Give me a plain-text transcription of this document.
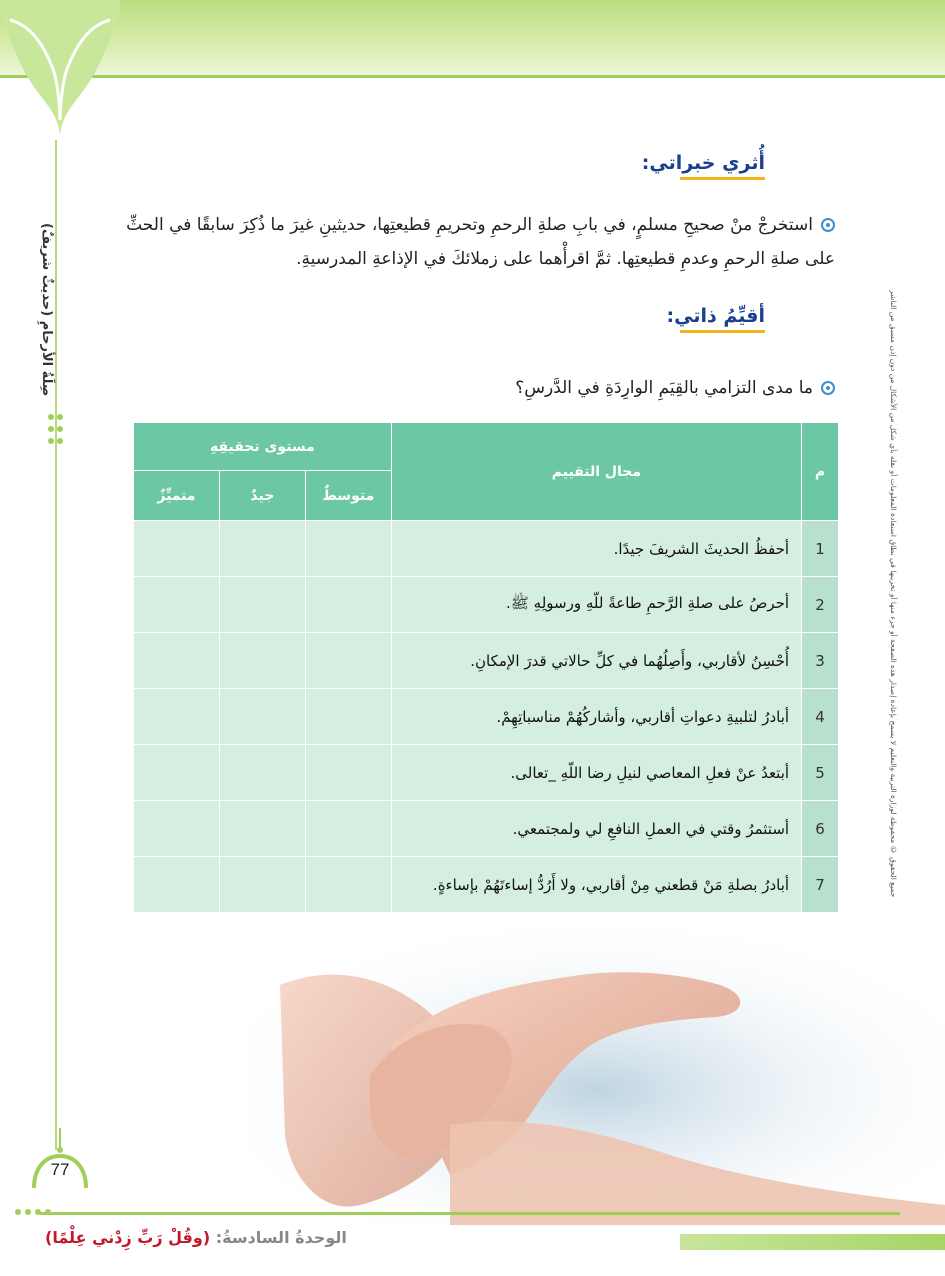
صِلَةُ الأرحامِ (حديثٌ شريفٌ)	جميع الحقوق © محفوظة لوزارة التربية والتعليم لا يسمح بإعادة إصدار هذه الصفحة أو جزء منها أو تخزينها في نطاق استعادة المعلومات أو نقله بأي شكل من الأشكال من دون إذن مسبق من الناشر
أُثري خبراتي:
استخرجْ منْ صحيحِ مسلمٍ، في بابِ صلةِ الرحمِ وتحريمِ قطيعتِها، حديثينِ غيرَ ما ذُكِرَ سابقًا في الحثِّ على صلةِ الرحمِ وعدمِ قطيعتِها. ثمَّ اقرأْهما على زملائكَ في الإذاعةِ المدرسيةِ.
أقيِّمُ ذاتي:
ما مدى التزامي بالقِيَمِ الوارِدَةِ في الدَّرسِ؟
م	مجال التقييم	مستوى تحقيقِهِ		
		متوسطٌ	جيدٌ	متميِّزٌ
1	أحفظُ الحديثَ الشريفَ جيدًا.			
2	أحرصُ على صلةِ الرَّحمِ طاعةً للّهِ ورسولِهِ ﷺ.			
3	أُحْسِنُ لأقاربي، وأَصِلُهُما في كلِّ حالاتي قدرَ الإمكانِ.			
4	أبادرُ لتلبيةِ دعواتِ أقاربي، وأشاركُهُمْ مناسباتِهِمْ.			
5	أبتعدُ عنْ فعلِ المعاصي لنيلِ رضا اللّهِ _تعالى.			
6	أستثمرُ وقتي في العملِ النافعِ لي ولمجتمعي.			
7	أبادرُ بصلةِ مَنْ قطعني مِنْ أقاربي، ولا أَرُدُّ إساءتَهُمْ بإساءةٍ.			
77
الوحدةُ السادسةُ: (وقُلْ رَبِّ زِدْني عِلْمًا)
